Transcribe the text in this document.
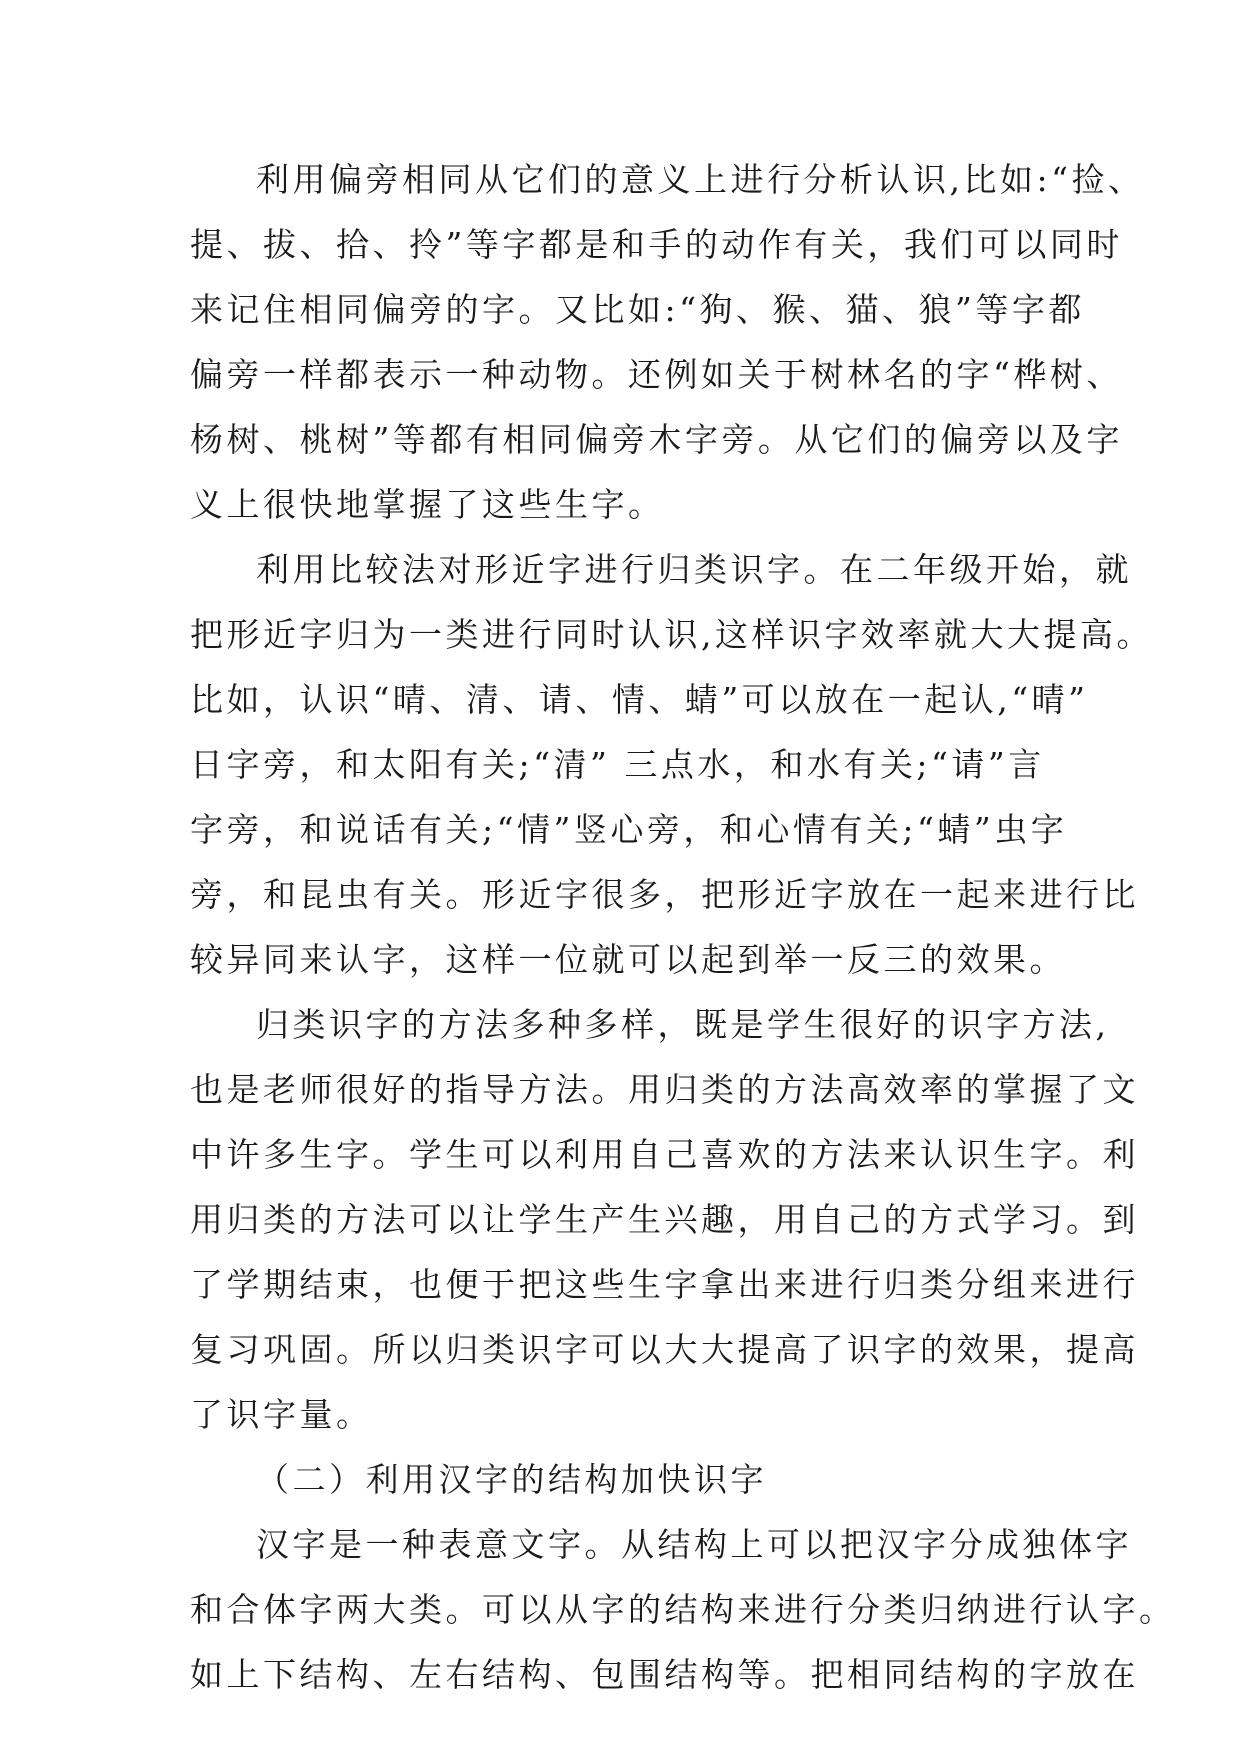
利用偏旁相同从它们的意义上进行分析认识,比如:“捡、
提、拔、拾、拎”等字都是和手的动作有关，我们可以同时
来记住相同偏旁的字。又比如:“狗、猴、猫、狼”等字都
偏旁一样都表示一种动物。还例如关于树林名的字“桦树、
杨树、桃树”等都有相同偏旁木字旁。从它们的偏旁以及字
义上很快地掌握了这些生字。
利用比较法对形近字进行归类识字。在二年级开始，就
把形近字归为一类进行同时认识,这样识字效率就大大提高。
比如，认识“晴、清、请、情、蜻”可以放在一起认,“晴”
日字旁，和太阳有关;“清” 三点水，和水有关;“请”言
字旁，和说话有关;“情”竖心旁，和心情有关;“蜻”虫字
旁，和昆虫有关。形近字很多，把形近字放在一起来进行比
较异同来认字，这样一位就可以起到举一反三的效果。
归类识字的方法多种多样，既是学生很好的识字方法,
也是老师很好的指导方法。用归类的方法高效率的掌握了文
中许多生字。学生可以利用自己喜欢的方法来认识生字。利
用归类的方法可以让学生产生兴趣，用自己的方式学习。到
了学期结束，也便于把这些生字拿出来进行归类分组来进行
复习巩固。所以归类识字可以大大提高了识字的效果，提高
了识字量。
（二）利用汉字的结构加快识字
汉字是一种表意文字。从结构上可以把汉字分成独体字
和合体字两大类。可以从字的结构来进行分类归纳进行认字。
如上下结构、左右结构、包围结构等。把相同结构的字放在
